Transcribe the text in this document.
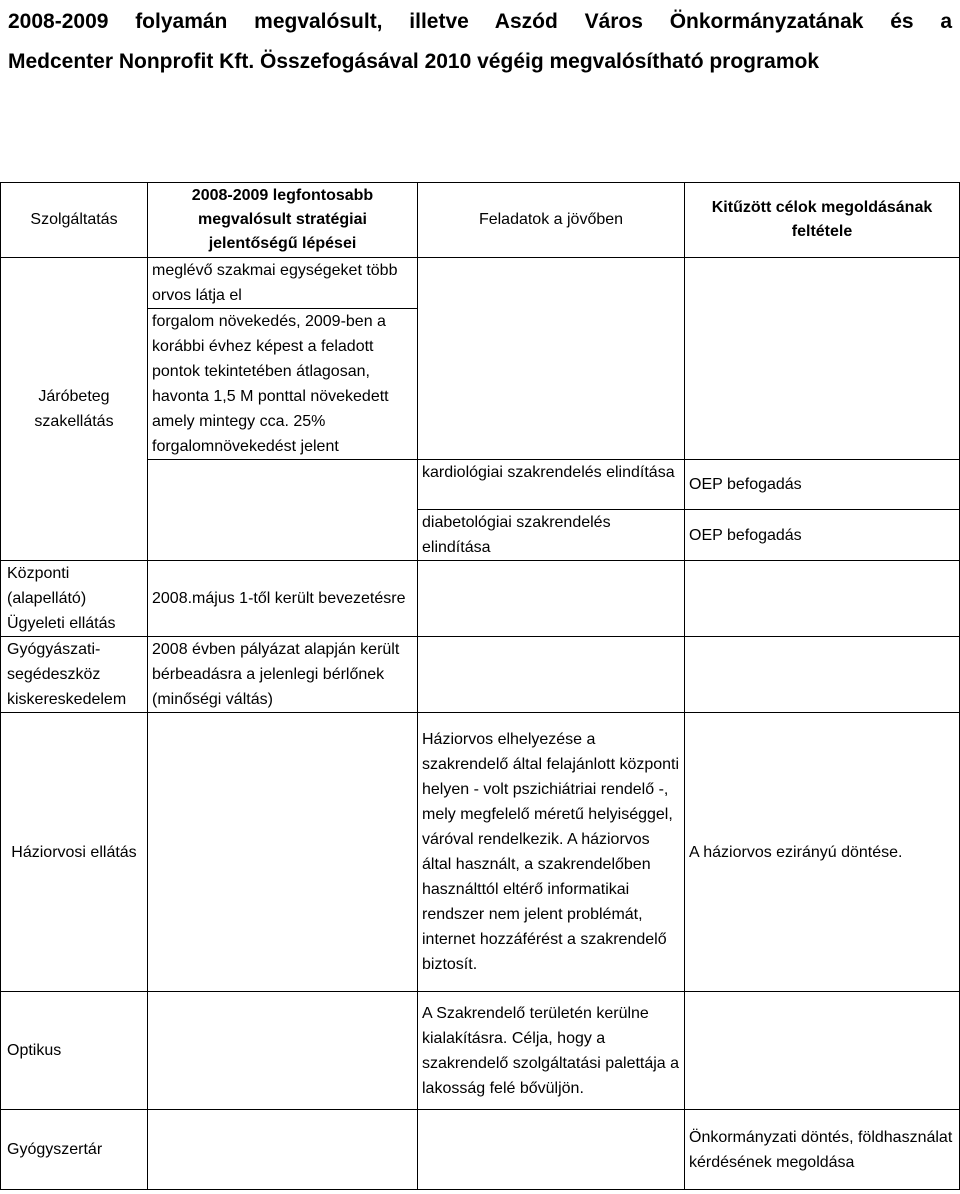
2008-2009 folyamán megvalósult, illetve Aszód Város Önkormányzatának és a
Medcenter Nonprofit Kft. Összefogásával 2010 végéig megvalósítható programok
Szolgáltatás	2008-2009 legfontosabb megvalósult stratégiai jelentőségű lépései	Feladatok a jövőben	Kitűzött célok megoldásának feltétele
Járóbeteg szakellátás	meglévő szakmai egységeket több orvos látja el		
	forgalom növekedés, 2009-ben a korábbi évhez képest a feladott pontok tekintetében átlagosan, havonta 1,5 M ponttal növekedett amely mintegy cca. 25% forgalomnövekedést jelent		
		kardiológiai szakrendelés elindítása	OEP befogadás
		diabetológiai szakrendelés elindítása	OEP befogadás
Központi (alapellátó) Ügyeleti ellátás	2008.május 1-től került bevezetésre		
Gyógyászati-segédeszköz kiskereskedelem	2008 évben pályázat alapján került bérbeadásra a jelenlegi bérlőnek (minőségi váltás)		
Háziorvosi ellátás		Háziorvos elhelyezése a szakrendelő által felajánlott központi helyen - volt pszichiátriai rendelő -, mely megfelelő méretű helyiséggel, váróval rendelkezik. A háziorvos által használt, a szakrendelőben használttól eltérő informatikai rendszer nem jelent problémát, internet hozzáférést a szakrendelő biztosít.	A háziorvos ezirányú döntése.
Optikus		A Szakrendelő területén kerülne kialakításra. Célja, hogy a szakrendelő szolgáltatási palettája a lakosság felé bővüljön.	
Gyógyszertár			Önkormányzati döntés, földhasználat kérdésének megoldása
